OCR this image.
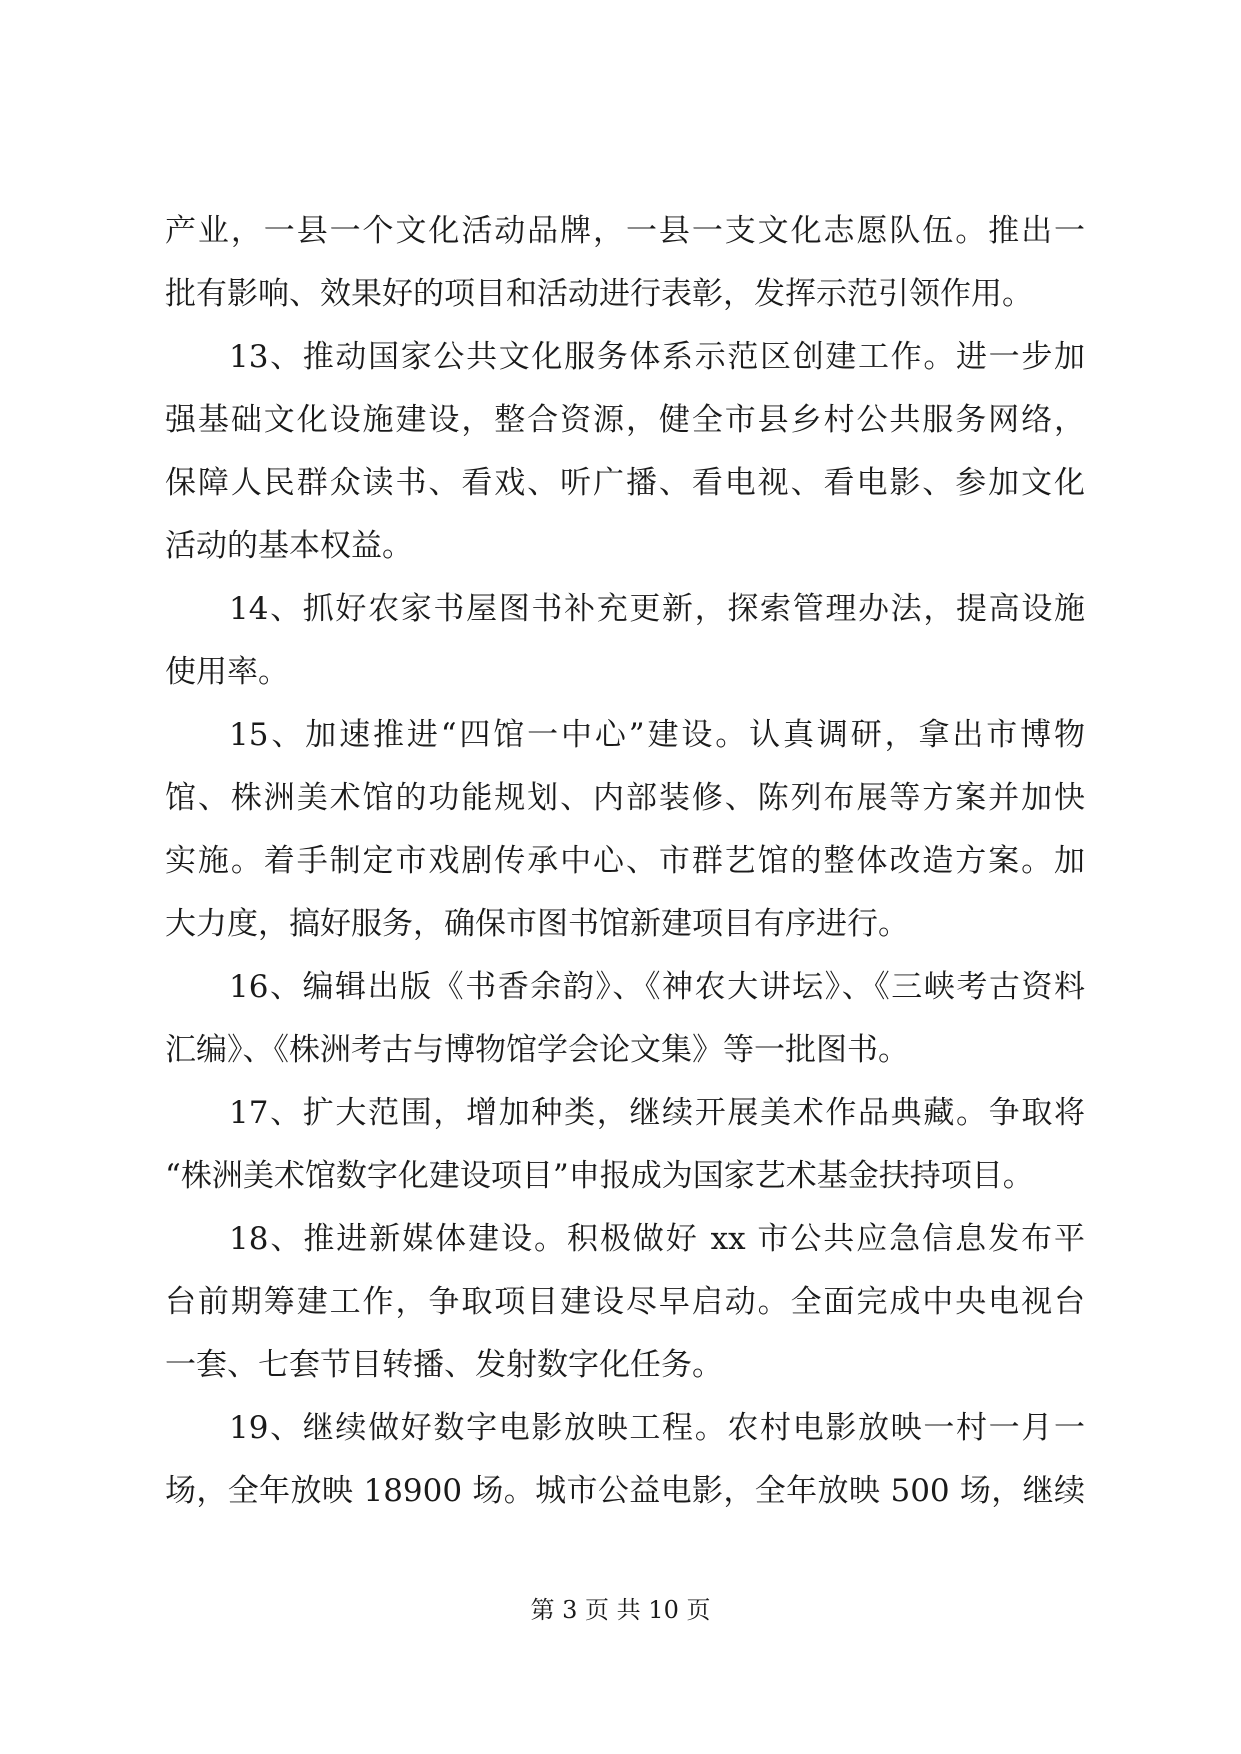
产业，一县一个文化活动品牌，一县一支文化志愿队伍。推出一
批有影响、效果好的项目和活动进行表彰，发挥示范引领作用。
13、推动国家公共文化服务体系示范区创建工作。进一步加
强基础文化设施建设，整合资源，健全市县乡村公共服务网络，
保障人民群众读书、看戏、听广播、看电视、看电影、参加文化
活动的基本权益。
14、抓好农家书屋图书补充更新，探索管理办法，提高设施
使用率。
15、加速推进“四馆一中心”建设。认真调研，拿出市博物
馆、株洲美术馆的功能规划、内部装修、陈列布展等方案并加快
实施。着手制定市戏剧传承中心、市群艺馆的整体改造方案。加
大力度，搞好服务，确保市图书馆新建项目有序进行。
16、编辑出版《书香余韵》、《神农大讲坛》、《三峡考古资料
汇编》、《株洲考古与博物馆学会论文集》等一批图书。
17、扩大范围，增加种类，继续开展美术作品典藏。争取将
“株洲美术馆数字化建设项目”申报成为国家艺术基金扶持项目。
18、推进新媒体建设。积极做好 xx 市公共应急信息发布平
台前期筹建工作，争取项目建设尽早启动。全面完成中央电视台
一套、七套节目转播、发射数字化任务。
19、继续做好数字电影放映工程。农村电影放映一村一月一
场，全年放映 18900 场。城市公益电影，全年放映 500 场，继续
第 3 页 共 10 页
